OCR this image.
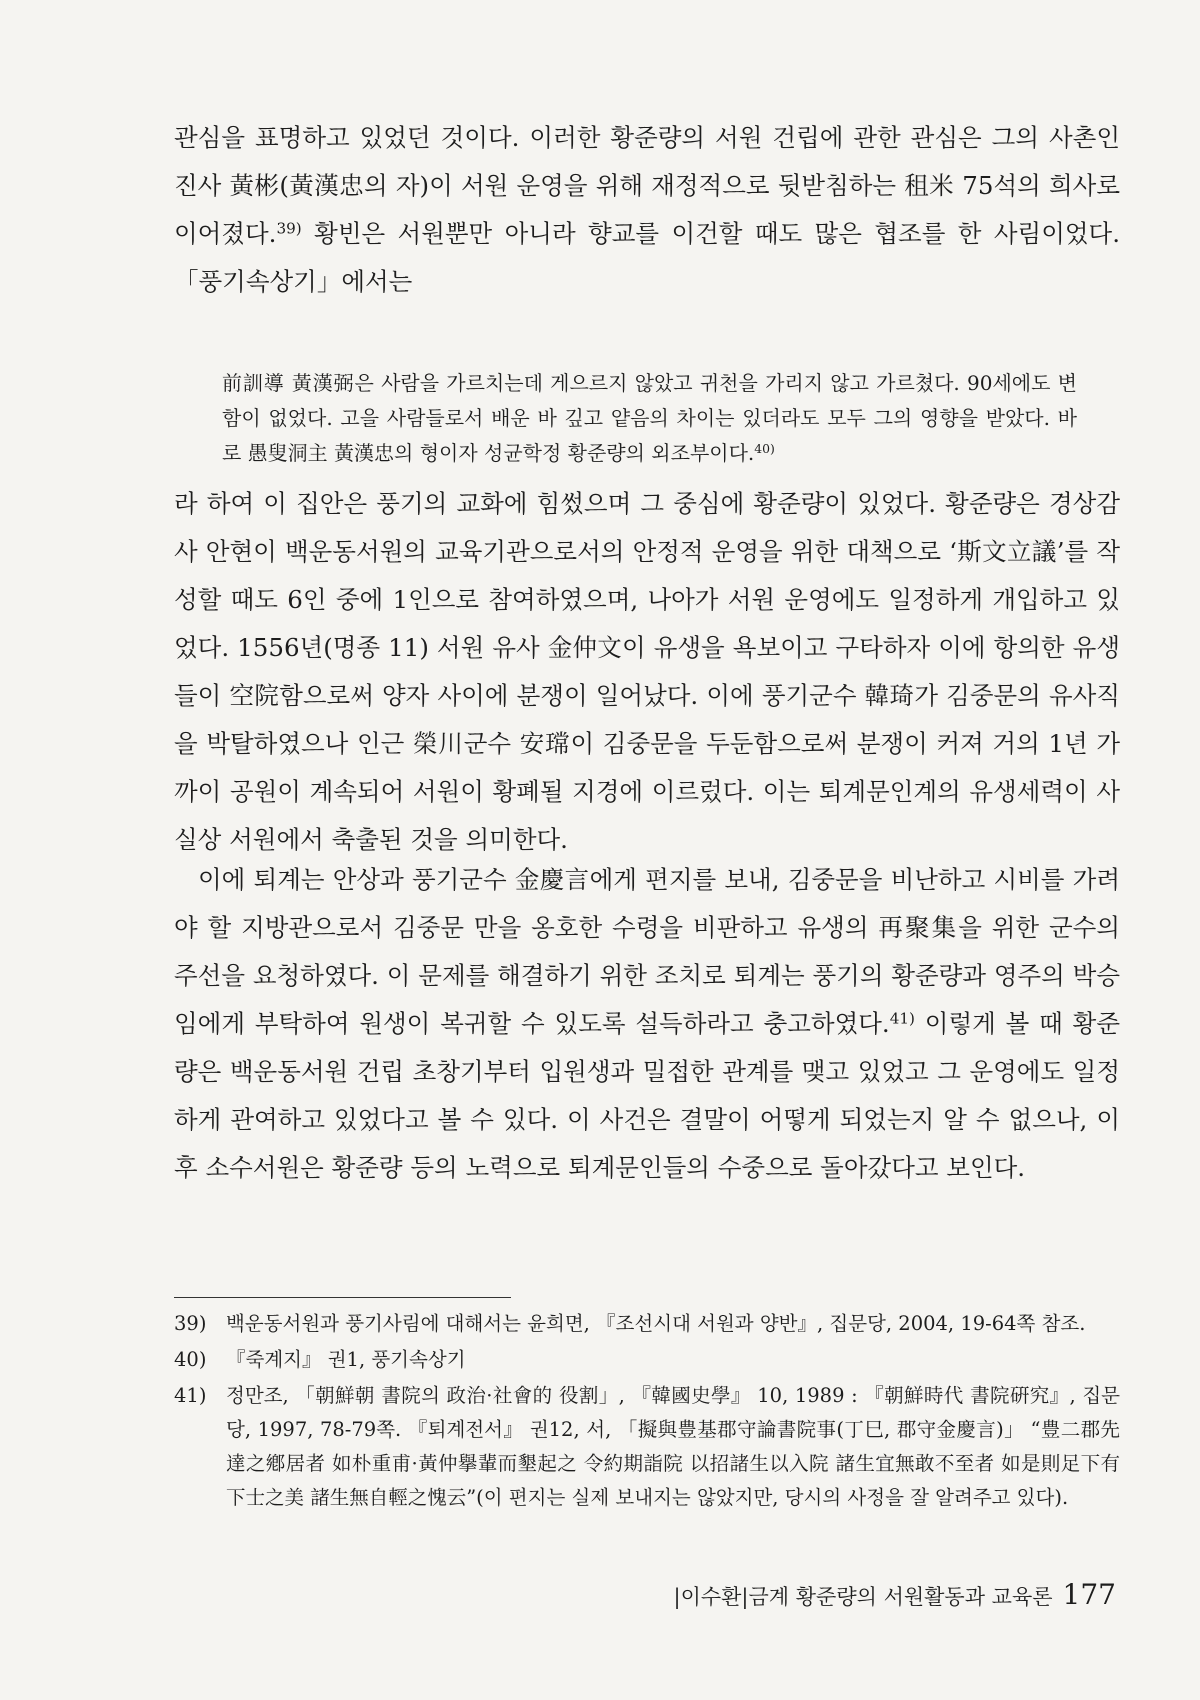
관심을 표명하고 있었던 것이다. 이러한 황준량의 서원 건립에 관한 관심은 그의 사촌인 진사 黃彬(黃漢忠의 자)이 서원 운영을 위해 재정적으로 뒷받침하는 租米 75석의 희사로 이어졌다.$^{39)}$ 황빈은 서원뿐만 아니라 향교를 이건할 때도 많은 협조를 한 사림이었다. 「풍기속상기」에서는

前訓導 黃漢弼은 사람을 가르치는데 게으르지 않았고 귀천을 가리지 않고 가르쳤다. 90세에도 변함이 없었다. 고을 사람들로서 배운 바 깊고 얕음의 차이는 있더라도 모두 그의 영향을 받았다. 바로 愚叟洞主 黃漢忠의 형이자 성균학정 황준량의 외조부이다.$^{40)}$

라 하여 이 집안은 풍기의 교화에 힘썼으며 그 중심에 황준량이 있었다. 황준량은 경상감사 안현이 백운동서원의 교육기관으로서의 안정적 운영을 위한 대책으로 ‘斯文立議’를 작성할 때도 6인 중에 1인으로 참여하였으며, 나아가 서원 운영에도 일정하게 개입하고 있었다. 1556년(명종 11) 서원 유사 金仲文이 유생을 욕보이고 구타하자 이에 항의한 유생들이 空院함으로써 양자 사이에 분쟁이 일어났다. 이에 풍기군수 韓琦가 김중문의 유사직을 박탈하였으나 인근 榮川군수 安瑺이 김중문을 두둔함으로써 분쟁이 커져 거의 1년 가까이 공원이 계속되어 서원이 황폐될 지경에 이르렀다. 이는 퇴계문인계의 유생세력이 사실상 서원에서 축출된 것을 의미한다.

이에 퇴계는 안상과 풍기군수 金慶言에게 편지를 보내, 김중문을 비난하고 시비를 가려야 할 지방관으로서 김중문 만을 옹호한 수령을 비판하고 유생의 再聚集을 위한 군수의 주선을 요청하였다. 이 문제를 해결하기 위한 조치로 퇴계는 풍기의 황준량과 영주의 박승임에게 부탁하여 원생이 복귀할 수 있도록 설득하라고 충고하였다.$^{41)}$ 이렇게 볼 때 황준량은 백운동서원 건립 초창기부터 입원생과 밀접한 관계를 맺고 있었고 그 운영에도 일정하게 관여하고 있었다고 볼 수 있다. 이 사건은 결말이 어떻게 되었는지 알 수 없으나, 이후 소수서원은 황준량 등의 노력으로 퇴계문인들의 수중으로 돌아갔다고 보인다.

39)	백운동서원과 풍기사림에 대해서는 윤희면, 『조선시대 서원과 양반』, 집문당, 2004, 19-64쪽 참조.
40)	『죽계지』 권1, 풍기속상기
41)	정만조, 「朝鮮朝 書院의 政治·社會的 役割」, 『韓國史學』 10, 1989 : 『朝鮮時代 書院硏究』, 집문당, 1997, 78-79쪽. 『퇴계전서』 권12, 서, 「擬與豊基郡守論書院事(丁巳, 郡守金慶言)」 “豊二郡先達之鄕居者 如朴重甫·黃仲擧輩而墾起之 令約期詣院 以招諸生以入院 諸生宜無敢不至者 如是則足下有下士之美 諸生無自輕之愧云”(이 편지는 실제 보내지는 않았지만, 당시의 사정을 잘 알려주고 있다).
|이수환|금계 황준량의 서원활동과 교육론 177
